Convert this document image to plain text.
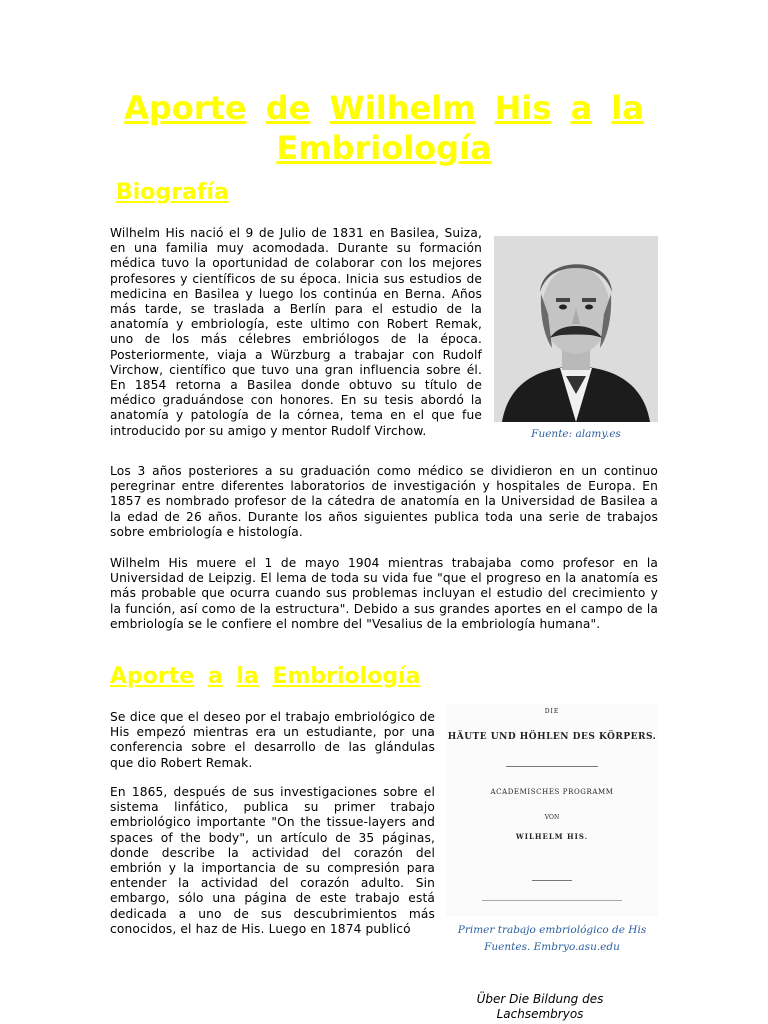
Aporte de Wilhelm His a la
Embriología
Biografía

Wilhelm His nació el 9 de Julio de 1831 en Basilea, Suiza, en una familia muy acomodada. Durante su formación médica tuvo la oportunidad de colaborar con los mejores profesores y científicos de su época. Inicia sus estudios de medicina en Basilea y luego los continúa en Berna. Años más tarde, se traslada a Berlín para el estudio de la anatomía y embriología, este ultimo con Robert Remak, uno de los más célebres embriólogos de la época. Posteriormente, viaja a Würzburg a trabajar con Rudolf Virchow, científico que tuvo una gran influencia sobre él. En 1854 retorna a Basilea donde obtuvo su título de médico graduándose con honores. En su tesis abordó la anatomía y patología de la córnea, tema en el que fue introducido por su amigo y mentor Rudolf Virchow.	Fuente: alamy.es

Los 3 años posteriores a su graduación como médico se dividieron en un continuo peregrinar entre diferentes laboratorios de investigación y hospitales de Europa. En 1857 es nombrado profesor de la cátedra de anatomía en la Universidad de Basilea a la edad de 26 años. Durante los años siguientes publica toda una serie de trabajos sobre embriología e histología.

Wilhelm His muere el 1 de mayo 1904 mientras trabajaba como profesor en la Universidad de Leipzig. El lema de toda su vida fue "que el progreso en la anatomía es más probable que ocurra cuando sus problemas incluyan el estudio del crecimiento y la función, así como de la estructura". Debido a sus grandes aportes en el campo de la embriología se le confiere el nombre del "Vesalius de la embriología humana".

Aporte a la Embriología

Se dice que el deseo por el trabajo embriológico de His empezó mientras era un estudiante, por una conferencia sobre el desarrollo de las glándulas que dio Robert Remak.

En 1865, después de sus investigaciones sobre el sistema linfático, publica su primer trabajo embriológico importante "On the tissue-layers and spaces of the body", un artículo de 35 páginas, donde describe la actividad del corazón del embrión y la importancia de su compresión para entender la actividad del corazón adulto. Sin embargo, sólo una página de este trabajo está dedicada a uno de sus descubrimientos más conocidos, el haz de His. Luego en 1874 publicó

DIE
HÄUTE UND HÖHLEN DES KÖRPERS.
ACADEMISCHES PROGRAMM
VON
WILHELM HIS.

Primer trabajo embriológico de His
Fuentes. Embryo.asu.edu

Über Die Bildung des
Lachsembryos
